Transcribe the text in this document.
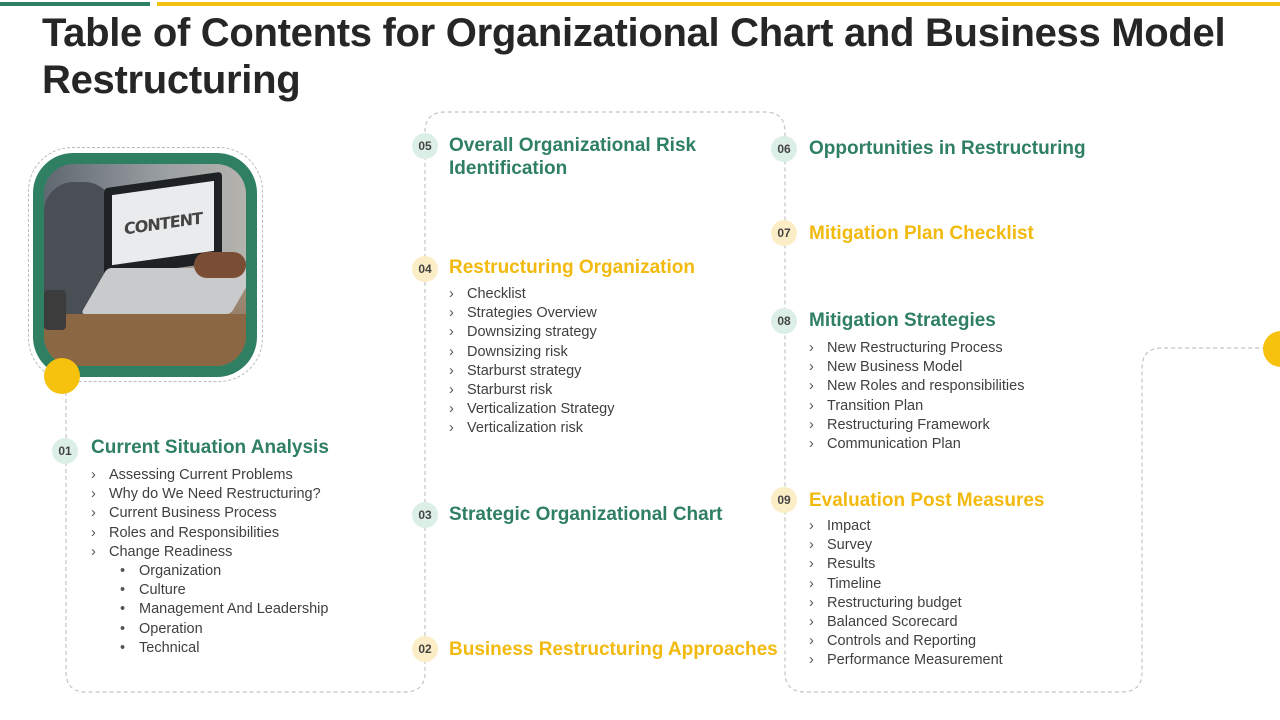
Table of Contents for Organizational Chart and Business Model Restructuring
CONTENT
01	Current Situation Analysis
› Assessing Current Problems
› Why do We Need Restructuring?
› Current Business Process
› Roles and Responsibilities
› Change Readiness
• Organization
• Culture
• Management And Leadership
• Operation
• Technical	02 Business Restructuring Approaches
03 Strategic Organizational Chart
04 Restructuring Organization
› Checklist
› Strategies Overview
› Downsizing strategy
› Downsizing risk
› Starburst strategy
› Starburst risk
› Verticalization Strategy
› Verticalization risk
05 Overall Organizational Risk Identification
06 Opportunities in Restructuring
07 Mitigation Plan Checklist
08 Mitigation Strategies
› New Restructuring Process
› New Business Model
› New Roles and responsibilities
› Transition Plan
› Restructuring Framework
› Communication Plan
09 Evaluation Post Measures
› Impact
› Survey
› Results
› Timeline
› Restructuring budget
› Balanced Scorecard
› Controls and Reporting
› Performance Measurement
